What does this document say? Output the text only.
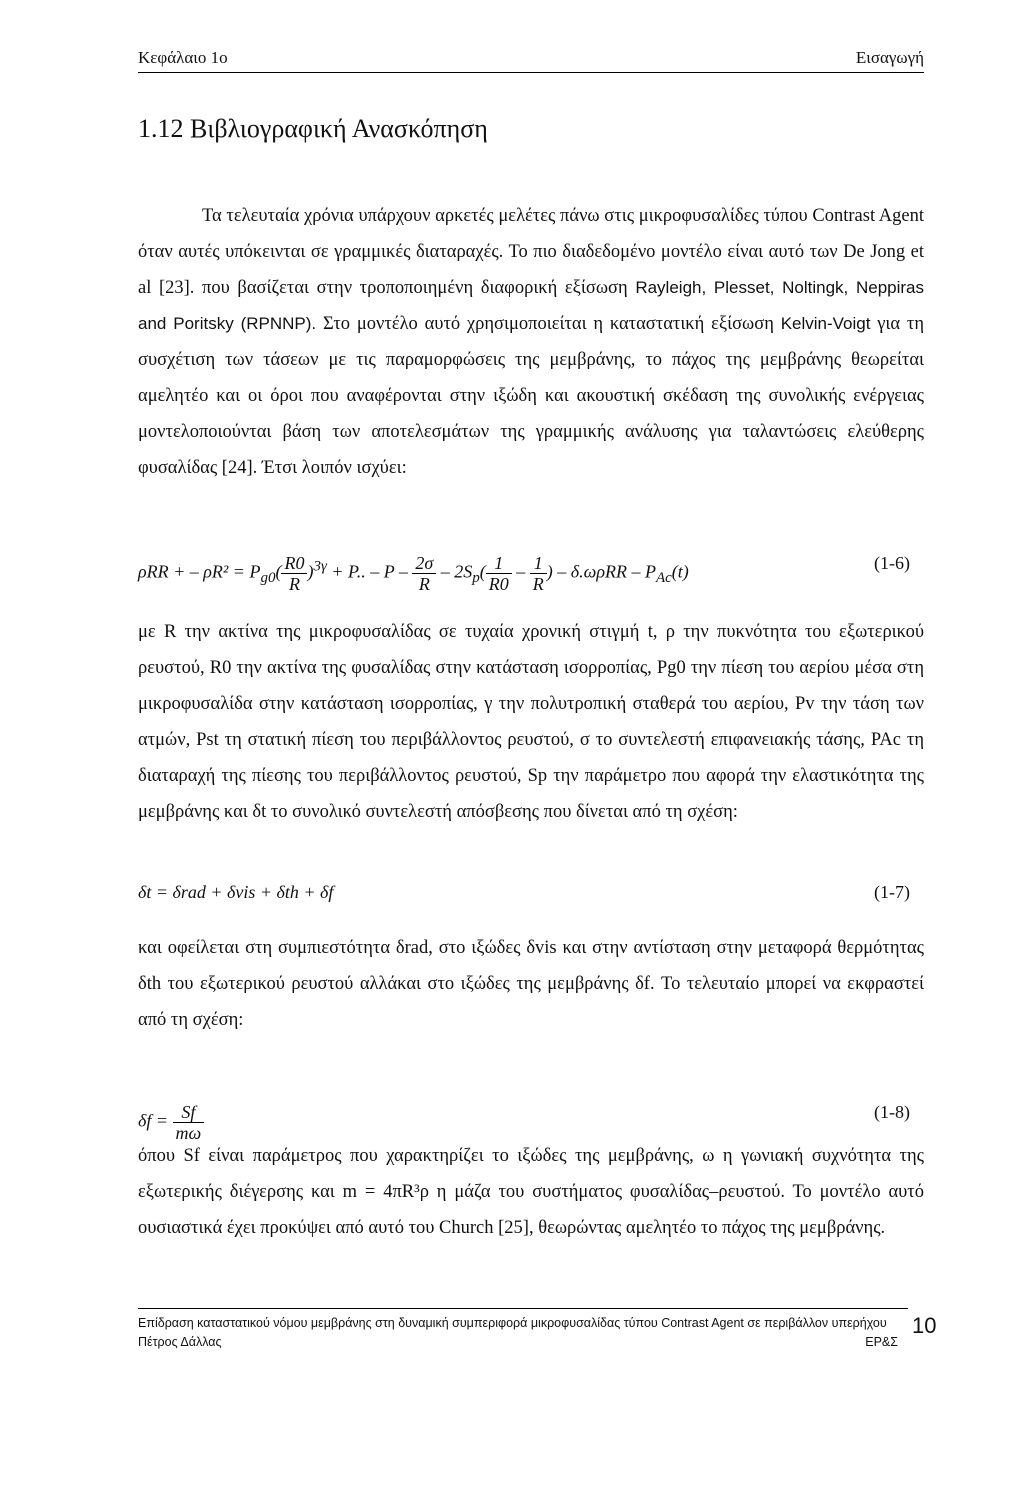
Κεφάλαιο 1ο	Εισαγωγή
1.12 Βιβλιογραφική Ανασκόπηση

Τα τελευταία χρόνια υπάρχουν αρκετές μελέτες πάνω στις μικροφυσαλίδες τύπου Contrast Agent όταν αυτές υπόκεινται σε γραμμικές διαταραχές. Το πιο διαδεδομένο μοντέλο είναι αυτό των De Jong et al [23]. που βασίζεται στην τροποποιημένη διαφορική εξίσωση Rayleigh, Plesset, Noltingk, Neppiras and Poritsky (RPNNP). Στο μοντέλο αυτό χρησιμοποιείται η καταστατική εξίσωση Kelvin-Voigt για τη συσχέτιση των τάσεων με τις παραμορφώσεις της μεμβράνης, το πάχος της μεμβράνης θεωρείται αμελητέο και οι όροι που αναφέρονται στην ιξώδη και ακουστική σκέδαση της συνολικής ενέργειας μοντελοποιούνται βάση των αποτελεσμάτων της γραμμικής ανάλυσης για ταλαντώσεις ελεύθερης φυσαλίδας [24]. Έτσι λοιπόν ισχύει:

ρRR + – $\rho R^2 = P_{g0}( \frac{R0}{R} )^{3\gamma} + P$.. – P – $\frac{2\sigma}{R} - 2S_p( \frac{1}{R0} - \frac{1}{R}$ ) – $\delta.\omega\rho RR - P_{Ac}(t)$	(1-6)

με R την ακτίνα της μικροφυσαλίδας σε τυχαία χρονική στιγμή t, ρ την πυκνότητα του εξωτερικού ρευστού, R0 την ακτίνα της φυσαλίδας στην κατάσταση ισορροπίας, Pg0 την πίεση του αερίου μέσα στη μικροφυσαλίδα στην κατάσταση ισορροπίας, γ την πολυτροπική σταθερά του αερίου, Pv την τάση των ατμών, Pst τη στατική πίεση του περιβάλλοντος ρευστού, σ το συντελεστή επιφανειακής τάσης, PAc τη διαταραχή της πίεσης του περιβάλλοντος ρευστού, Sp την παράμετρο που αφορά την ελαστικότητα της μεμβράνης και δt το συνολικό συντελεστή απόσβεσης που δίνεται από τη σχέση:

δt = δrad + δvis + δth + δf	(1-7)

και οφείλεται στη συμπιεστότητα δrad, στο ιξώδες δvis και στην αντίσταση στην μεταφορά θερμότητας δth του εξωτερικού ρευστού αλλάκαι στο ιξώδες της μεμβράνης δf. Το τελευταίο μπορεί να εκφραστεί από τη σχέση:

$\delta f = \frac{Sf}{m\omega}$	(1-8)

όπου Sf είναι παράμετρος που χαρακτηρίζει το ιξώδες της μεμβράνης, ω η γωνιακή συχνότητα της εξωτερικής διέγερσης και m = 4πR³ρ η μάζα του συστήματος φυσαλίδας–ρευστού. Το μοντέλο αυτό ουσιαστικά έχει προκύψει από αυτό του Church [25], θεωρώντας αμελητέο το πάχος της μεμβράνης.

Επίδραση καταστατικού νόμου μεμβράνης στη δυναμική συμπεριφορά μικροφυσαλίδας τύπου Contrast Agent σε περιβάλλον υπερήχου
Πέτρος Δάλλας	ΕΡ&Σ
10
